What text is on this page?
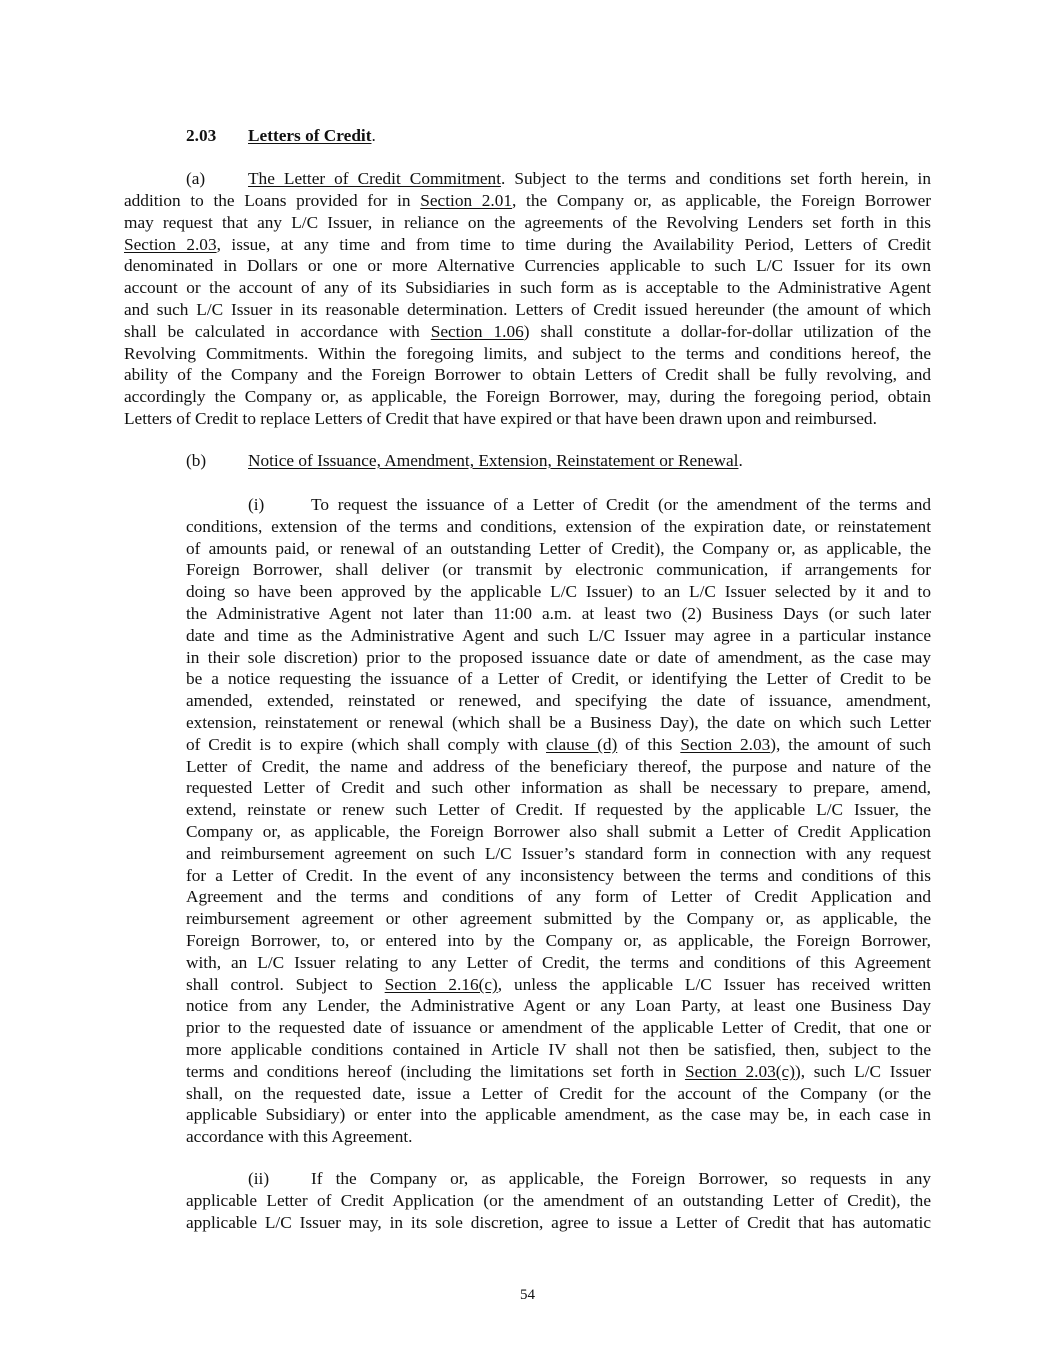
2.03 Letters of Credit.
(a) The Letter of Credit Commitment. Subject to the terms and conditions set forth herein, in
addition to the Loans provided for in Section 2.01, the Company or, as applicable, the Foreign Borrower
may request that any L/C Issuer, in reliance on the agreements of the Revolving Lenders set forth in this
Section 2.03, issue, at any time and from time to time during the Availability Period, Letters of Credit
denominated in Dollars or one or more Alternative Currencies applicable to such L/C Issuer for its own
account or the account of any of its Subsidiaries in such form as is acceptable to the Administrative Agent
and such L/C Issuer in its reasonable determination. Letters of Credit issued hereunder (the amount of which
shall be calculated in accordance with Section 1.06) shall constitute a dollar-for-dollar utilization of the
Revolving Commitments. Within the foregoing limits, and subject to the terms and conditions hereof, the
ability of the Company and the Foreign Borrower to obtain Letters of Credit shall be fully revolving, and
accordingly the Company or, as applicable, the Foreign Borrower, may, during the foregoing period, obtain
Letters of Credit to replace Letters of Credit that have expired or that have been drawn upon and reimbursed.
(b) Notice of Issuance, Amendment, Extension, Reinstatement or Renewal.
(i)	To request the issuance of a Letter of Credit (or the amendment of the terms and
conditions, extension of the terms and conditions, extension of the expiration date, or reinstatement
of amounts paid, or renewal of an outstanding Letter of Credit), the Company or, as applicable, the
Foreign Borrower, shall deliver (or transmit by electronic communication, if arrangements for
doing so have been approved by the applicable L/C Issuer) to an L/C Issuer selected by it and to
the Administrative Agent not later than 11:00 a.m. at least two (2) Business Days (or such later
date and time as the Administrative Agent and such L/C Issuer may agree in a particular instance
in their sole discretion) prior to the proposed issuance date or date of amendment, as the case may
be a notice requesting the issuance of a Letter of Credit, or identifying the Letter of Credit to be
amended, extended, reinstated or renewed, and specifying the date of issuance, amendment,
extension, reinstatement or renewal (which shall be a Business Day), the date on which such Letter
of Credit is to expire (which shall comply with clause (d) of this Section 2.03), the amount of such
Letter of Credit, the name and address of the beneficiary thereof, the purpose and nature of the
requested Letter of Credit and such other information as shall be necessary to prepare, amend,
extend, reinstate or renew such Letter of Credit. If requested by the applicable L/C Issuer, the
Company or, as applicable, the Foreign Borrower also shall submit a Letter of Credit Application
and reimbursement agreement on such L/C Issuer’s standard form in connection with any request
for a Letter of Credit. In the event of any inconsistency between the terms and conditions of this
Agreement and the terms and conditions of any form of Letter of Credit Application and
reimbursement agreement or other agreement submitted by the Company or, as applicable, the
Foreign Borrower, to, or entered into by the Company or, as applicable, the Foreign Borrower,
with, an L/C Issuer relating to any Letter of Credit, the terms and conditions of this Agreement
shall control. Subject to Section 2.16(c), unless the applicable L/C Issuer has received written
notice from any Lender, the Administrative Agent or any Loan Party, at least one Business Day
prior to the requested date of issuance or amendment of the applicable Letter of Credit, that one or
more applicable conditions contained in Article IV shall not then be satisfied, then, subject to the
terms and conditions hereof (including the limitations set forth in Section 2.03(c)), such L/C Issuer
shall, on the requested date, issue a Letter of Credit for the account of the Company (or the
applicable Subsidiary) or enter into the applicable amendment, as the case may be, in each case in
accordance with this Agreement.
(ii) If the Company or, as applicable, the Foreign Borrower, so requests in any
applicable Letter of Credit Application (or the amendment of an outstanding Letter of Credit), the
applicable L/C Issuer may, in its sole discretion, agree to issue a Letter of Credit that has automatic
54
